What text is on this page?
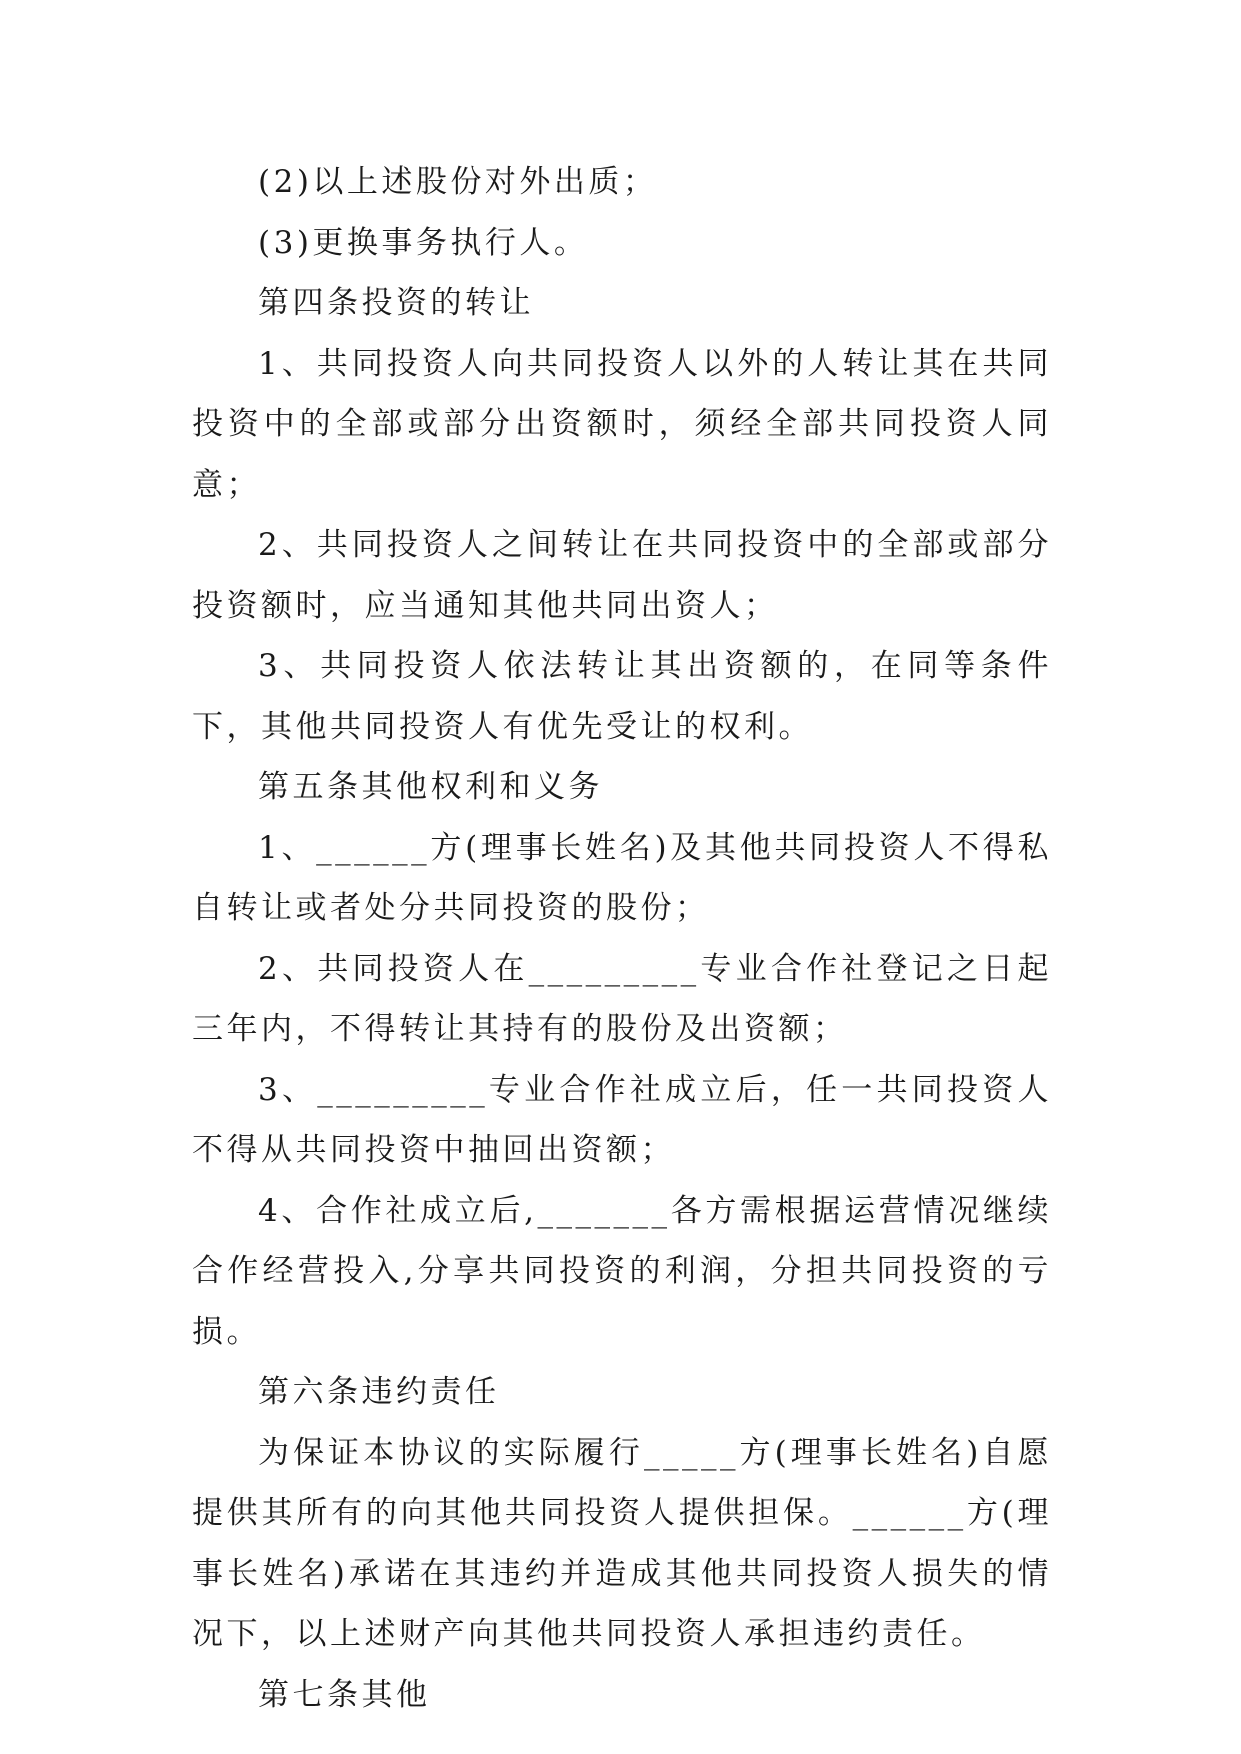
(2)以上述股份对外出质；

(3)更换事务执行人。

第四条投资的转让

1、共同投资人向共同投资人以外的人转让其在共同投资中的全部或部分出资额时，须经全部共同投资人同意；

2、共同投资人之间转让在共同投资中的全部或部分投资额时，应当通知其他共同出资人；

3、共同投资人依法转让其出资额的，在同等条件下，其他共同投资人有优先受让的权利。

第五条其他权利和义务

1、______方(理事长姓名)及其他共同投资人不得私自转让或者处分共同投资的股份；

2、共同投资人在_________专业合作社登记之日起三年内，不得转让其持有的股份及出资额；

3、_________专业合作社成立后，任一共同投资人不得从共同投资中抽回出资额；

4、合作社成立后,_______各方需根据运营情况继续合作经营投入,分享共同投资的利润，分担共同投资的亏损。

第六条违约责任

为保证本协议的实际履行_____方(理事长姓名)自愿提供其所有的向其他共同投资人提供担保。______方(理事长姓名)承诺在其违约并造成其他共同投资人损失的情况下，以上述财产向其他共同投资人承担违约责任。

第七条其他
